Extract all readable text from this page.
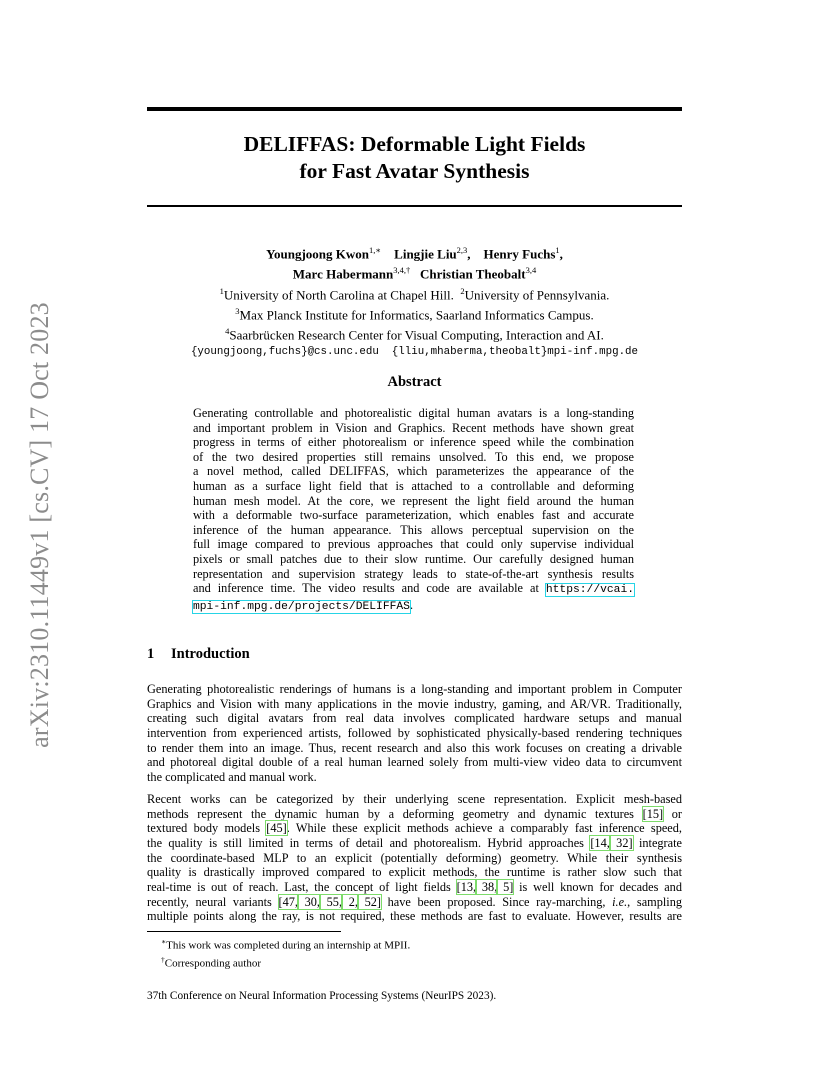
arXiv:2310.11449v1 [cs.CV] 17 Oct 2023
DELIFFAS: Deformable Light Fields
for Fast Avatar Synthesis
Youngjoong Kwon$^{1,∗}$ Lingjie Liu$^{2,3}$,    Henry Fuchs$^1$,
Marc Habermann$^{3,4,\dagger}$ Christian Theobalt$^{3,4}$
$^1$University of North Carolina at Chapel Hill. $^2$University of Pennsylvania.
$^3$Max Planck Institute for Informatics, Saarland Informatics Campus.
$^4$Saarbrücken Research Center for Visual Computing, Interaction and AI.
{youngjoong,fuchs}@cs.unc.edu  {lliu,mhaberma,theobalt}mpi-inf.mpg.de
Abstract
Generating controllable and photorealistic digital human avatars is a long-standing
and important problem in Vision and Graphics. Recent methods have shown great
progress in terms of either photorealism or inference speed while the combination
of the two desired properties still remains unsolved. To this end, we propose
a novel method, called DELIFFAS, which parameterizes the appearance of the
human as a surface light field that is attached to a controllable and deforming
human mesh model. At the core, we represent the light field around the human
with a deformable two-surface parameterization, which enables fast and accurate
inference of the human appearance. This allows perceptual supervision on the
full image compared to previous approaches that could only supervise individual
pixels or small patches due to their slow runtime. Our carefully designed human
representation and supervision strategy leads to state-of-the-art synthesis results
and inference time. The video results and code are available at https://vcai.
mpi-inf.mpg.de/projects/DELIFFAS.
1 Introduction
Generating photorealistic renderings of humans is a long-standing and important problem in Computer
Graphics and Vision with many applications in the movie industry, gaming, and AR/VR. Traditionally,
creating such digital avatars from real data involves complicated hardware setups and manual
intervention from experienced artists, followed by sophisticated physically-based rendering techniques
to render them into an image. Thus, recent research and also this work focuses on creating a drivable
and photoreal digital double of a real human learned solely from multi-view video data to circumvent
the complicated and manual work.
Recent works can be categorized by their underlying scene representation. Explicit mesh-based
methods represent the dynamic human by a deforming geometry and dynamic textures [15] or
textured body models [45]. While these explicit methods achieve a comparably fast inference speed,
the quality is still limited in terms of detail and photorealism. Hybrid approaches [14, 32] integrate
the coordinate-based MLP to an explicit (potentially deforming) geometry. While their synthesis
quality is drastically improved compared to explicit methods, the runtime is rather slow such that
real-time is out of reach. Last, the concept of light fields [13, 38, 5] is well known for decades and
recently, neural variants [47, 30, 55, 2, 52] have been proposed. Since ray-marching, i.e., sampling
multiple points along the ray, is not required, these methods are fast to evaluate. However, results are
∗This work was completed during an internship at MPII.
†Corresponding author
37th Conference on Neural Information Processing Systems (NeurIPS 2023).
